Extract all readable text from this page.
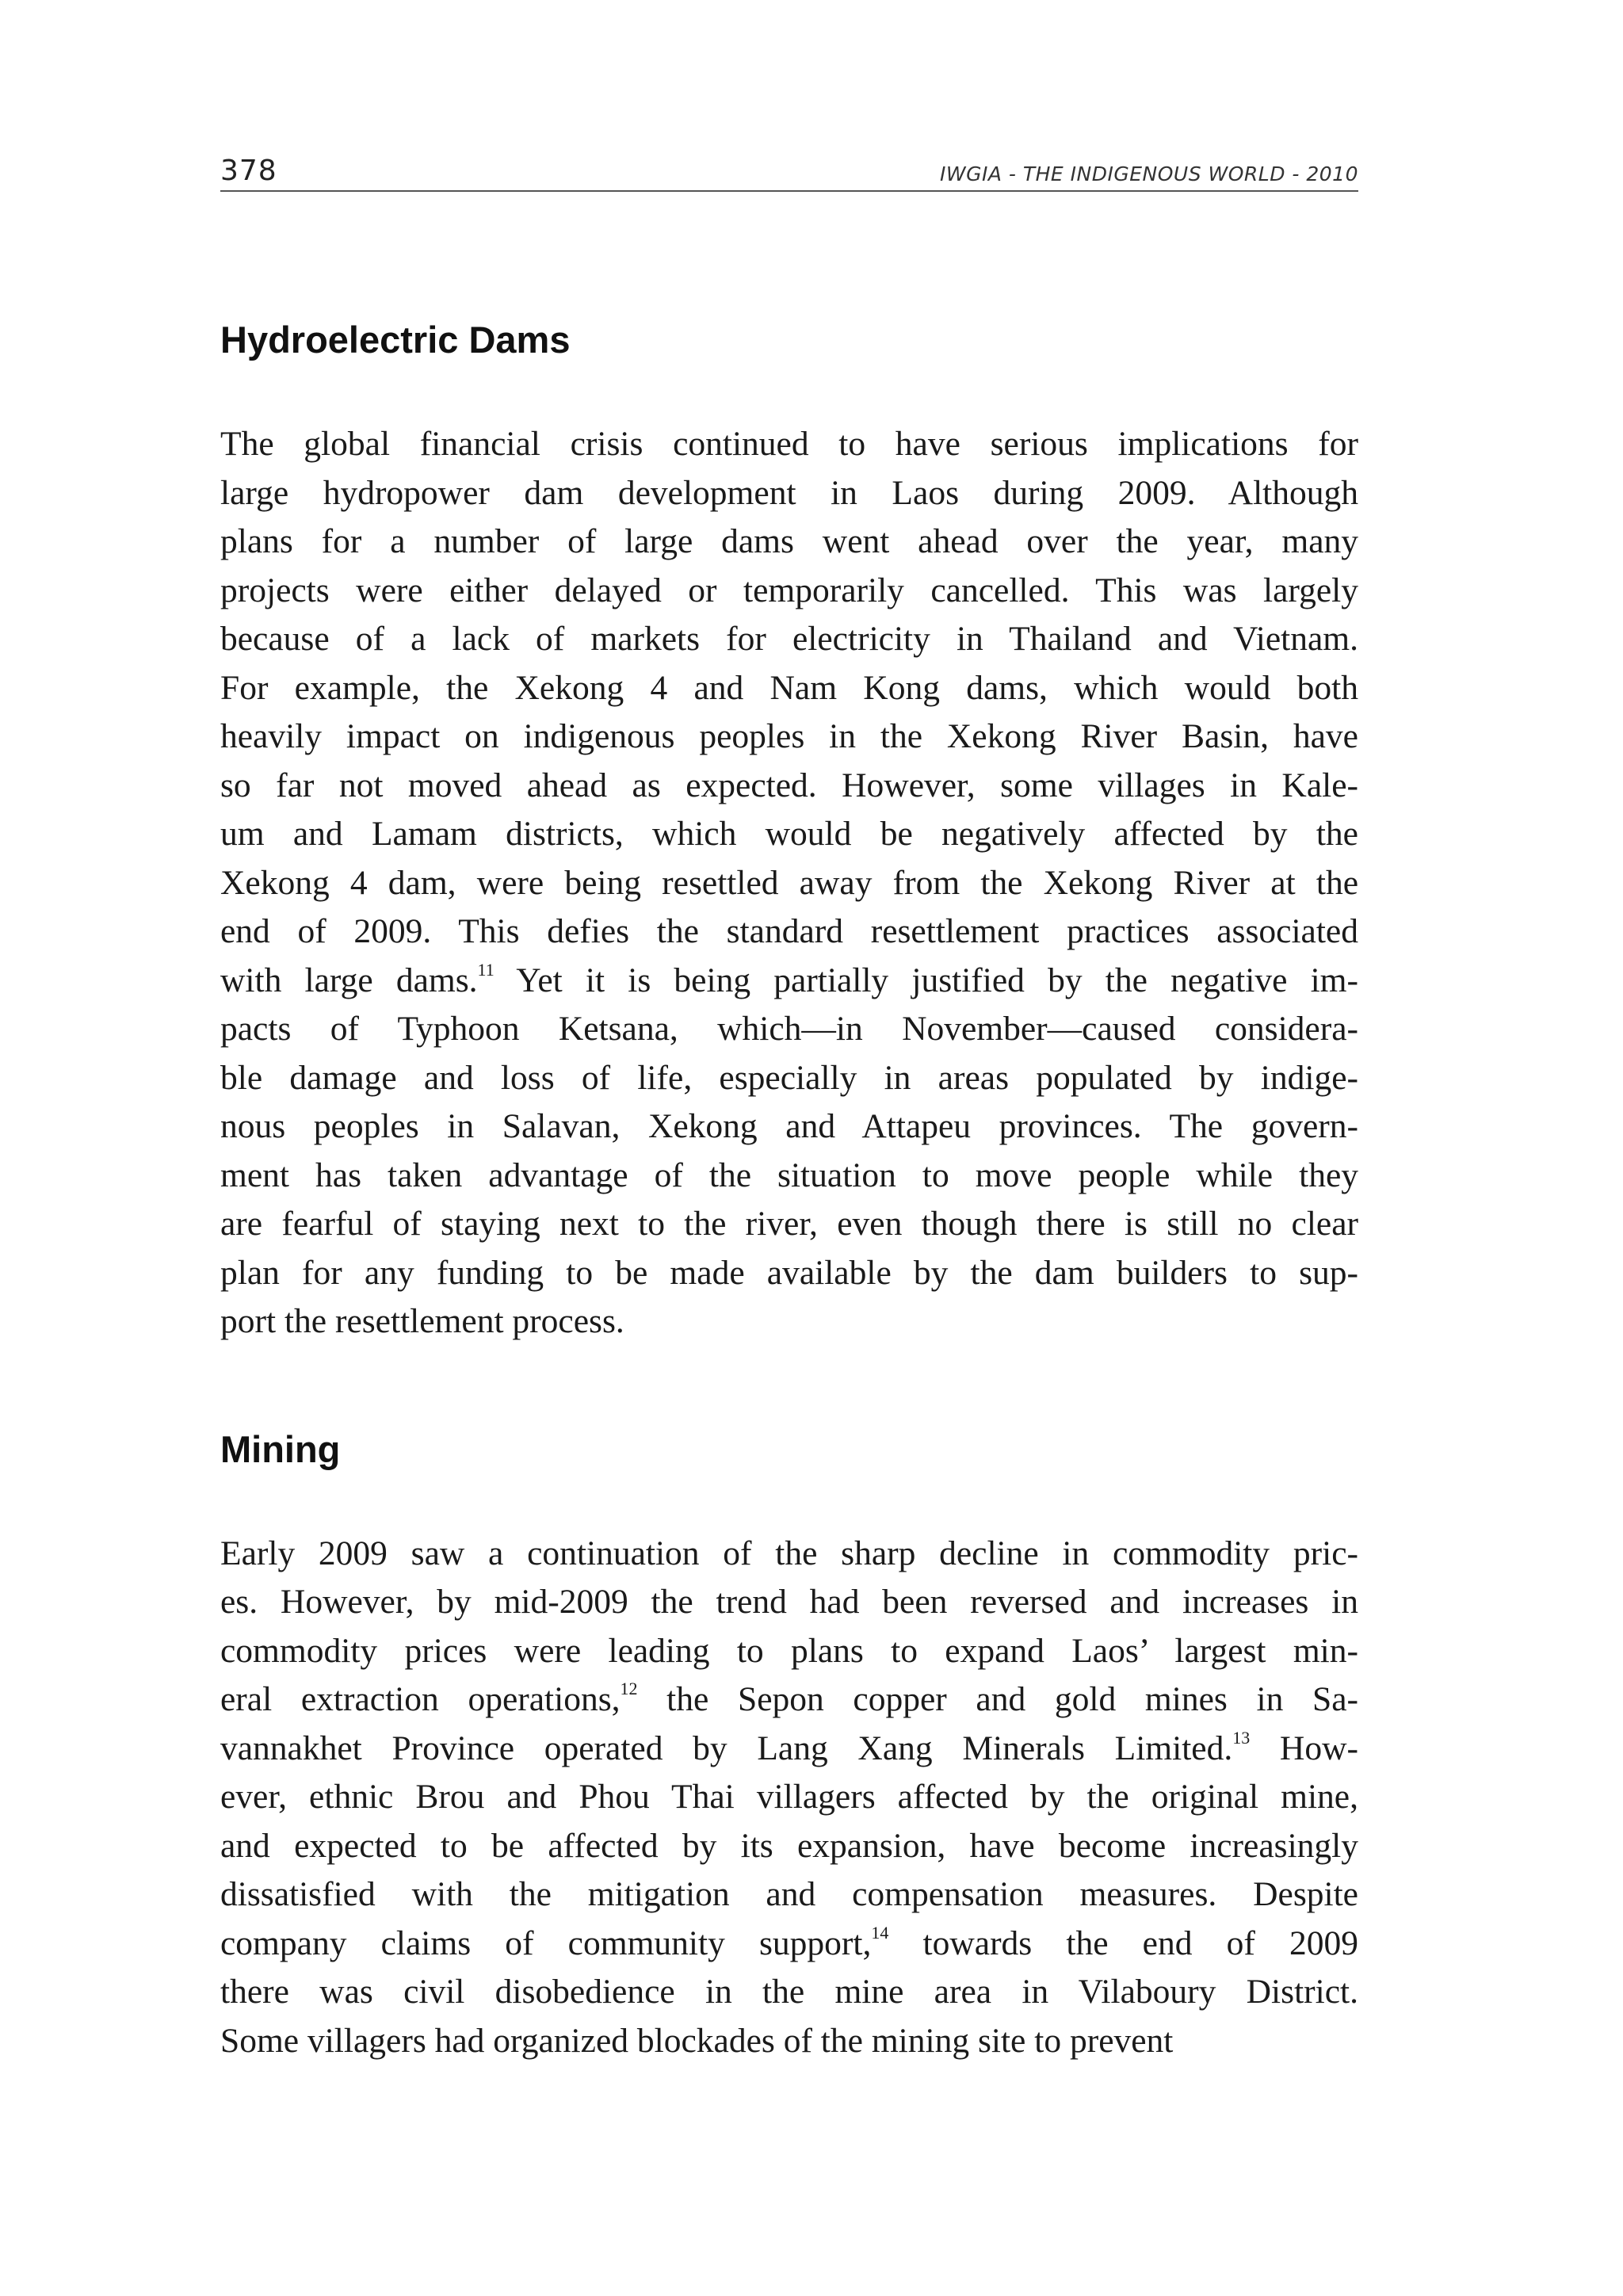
378	IWGIA - THE INDIGENOUS WORLD - 2010
Hydroelectric Dams

The global financial crisis continued to have serious implications for
large hydropower dam development in Laos during 2009. Although
plans for a number of large dams went ahead over the year, many
projects were either delayed or temporarily cancelled. This was largely
because of a lack of markets for electricity in Thailand and Vietnam.
For example, the Xekong 4 and Nam Kong dams, which would both
heavily impact on indigenous peoples in the Xekong River Basin, have
so far not moved ahead as expected. However, some villages in Kale-
um and Lamam districts, which would be negatively affected by the
Xekong 4 dam, were being resettled away from the Xekong River at the
end of 2009. This defies the standard resettlement practices associated
with large dams.$^{11}$ Yet it is being partially justified by the negative im-
pacts of Typhoon Ketsana, which—in November—caused considera-
ble damage and loss of life, especially in areas populated by indige-
nous peoples in Salavan, Xekong and Attapeu provinces. The govern-
ment has taken advantage of the situation to move people while they
are fearful of staying next to the river, even though there is still no clear
plan for any funding to be made available by the dam builders to sup-
port the resettlement process.

Mining

Early 2009 saw a continuation of the sharp decline in commodity pric-
es. However, by mid-2009 the trend had been reversed and increases in
commodity prices were leading to plans to expand Laos’ largest min-
eral extraction operations,$^{12}$ the Sepon copper and gold mines in Sa-
vannakhet Province operated by Lang Xang Minerals Limited.$^{13}$ How-
ever, ethnic Brou and Phou Thai villagers affected by the original mine,
and expected to be affected by its expansion, have become increasingly
dissatisfied with the mitigation and compensation measures. Despite
company claims of community support,$^{14}$ towards the end of 2009
there was civil disobedience in the mine area in Vilaboury District.
Some villagers had organized blockades of the mining site to prevent
